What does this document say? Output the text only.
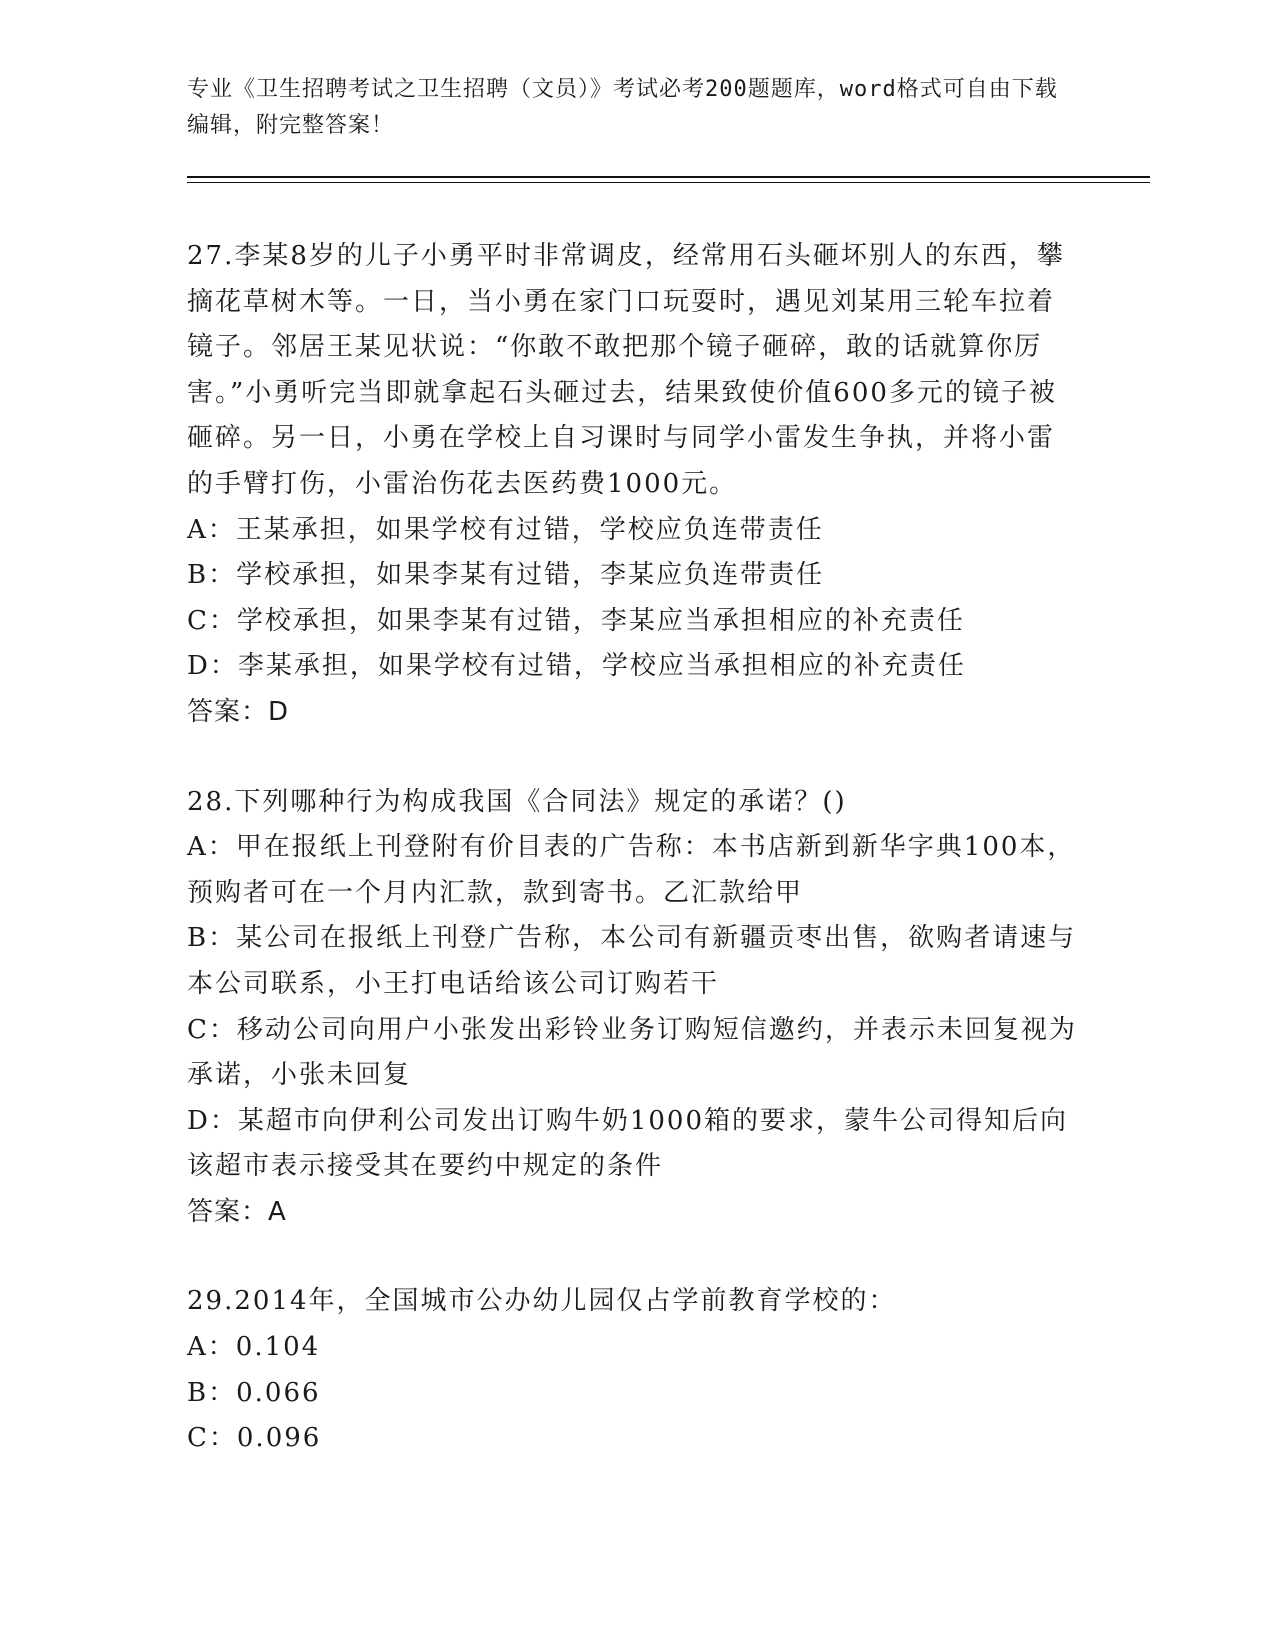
专业《卫生招聘考试之卫生招聘（文员）》考试必考200题题库，word格式可自由下载编辑，附完整答案！

27.李某8岁的儿子小勇平时非常调皮，经常用石头砸坏别人的东西，攀摘花草树木等。一日，当小勇在家门口玩耍时，遇见刘某用三轮车拉着镜子。邻居王某见状说：“你敢不敢把那个镜子砸碎，敢的话就算你厉害。”小勇听完当即就拿起石头砸过去，结果致使价值600多元的镜子被砸碎。另一日，小勇在学校上自习课时与同学小雷发生争执，并将小雷的手臂打伤，小雷治伤花去医药费1000元。

A：王某承担，如果学校有过错，学校应负连带责任

B：学校承担，如果李某有过错，李某应负连带责任

C：学校承担，如果李某有过错，李某应当承担相应的补充责任

D：李某承担，如果学校有过错，学校应当承担相应的补充责任

答案：D

28.下列哪种行为构成我国《合同法》规定的承诺？()

A：甲在报纸上刊登附有价目表的广告称：本书店新到新华字典100本，预购者可在一个月内汇款，款到寄书。乙汇款给甲

B：某公司在报纸上刊登广告称，本公司有新疆贡枣出售，欲购者请速与本公司联系，小王打电话给该公司订购若干

C：移动公司向用户小张发出彩铃业务订购短信邀约，并表示未回复视为承诺，小张未回复

D：某超市向伊利公司发出订购牛奶1000箱的要求，蒙牛公司得知后向该超市表示接受其在要约中规定的条件

答案：A

29.2014年，全国城市公办幼儿园仅占学前教育学校的：

A：0.104

B：0.066

C：0.096
